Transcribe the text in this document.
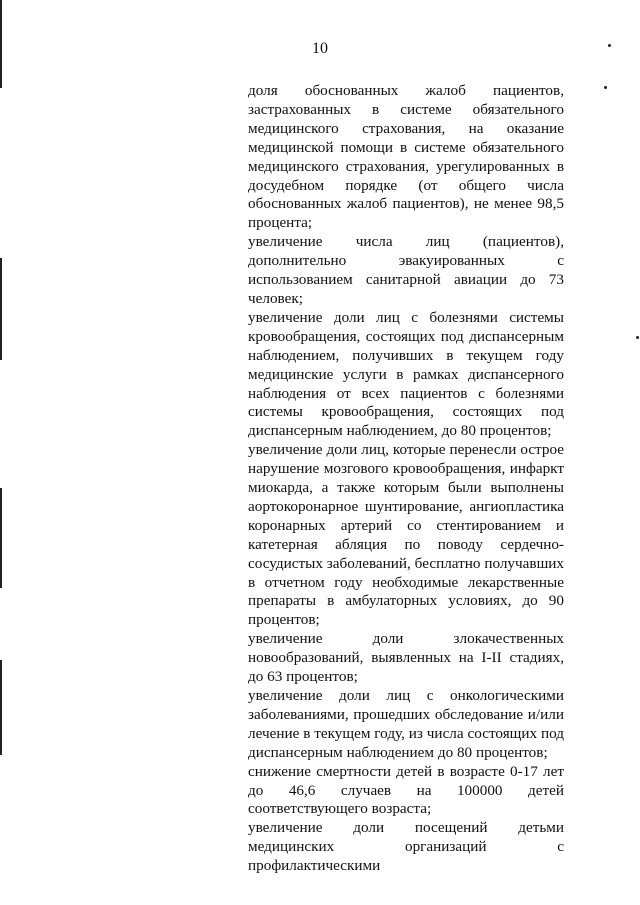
10

доля обоснованных жалоб пациентов, застрахованных в системе обязательного медицинского страхования, на оказание медицинской помощи в системе обязательного медицинского страхования, урегулированных в досудебном порядке (от общего числа обоснованных жалоб пациентов), не менее 98,5 процента;

увеличение числа лиц (пациентов), дополнительно эвакуированных с использованием санитарной авиации до 73 человек;

увеличение доли лиц с болезнями системы кровообращения, состоящих под диспансерным наблюдением, получивших в текущем году медицинские услуги в рамках диспансерного наблюдения от всех пациентов с болезнями системы кровообращения, состоящих под диспансерным наблюдением, до 80 процентов;

увеличение доли лиц, которые перенесли острое нарушение мозгового кровообращения, инфаркт миокарда, а также которым были выполнены аортокоронарное шунтирование, ангиопластика коронарных артерий со стентированием и катетерная абляция по поводу сердечно-сосудистых заболеваний, бесплатно получавших в отчетном году необходимые лекарственные препараты в амбулаторных условиях, до 90 процентов;

увеличение доли злокачественных новообразований, выявленных на I-II стадиях, до 63 процентов;

увеличение доли лиц с онкологическими заболеваниями, прошедших обследование и/или лечение в текущем году, из числа состоящих под диспансерным наблюдением до 80 процентов;

снижение смертности детей в возрасте 0-17 лет до 46,6 случаев на 100000 детей соответствующего возраста;

увеличение доли посещений детьми медицинских организаций с профилактическими
